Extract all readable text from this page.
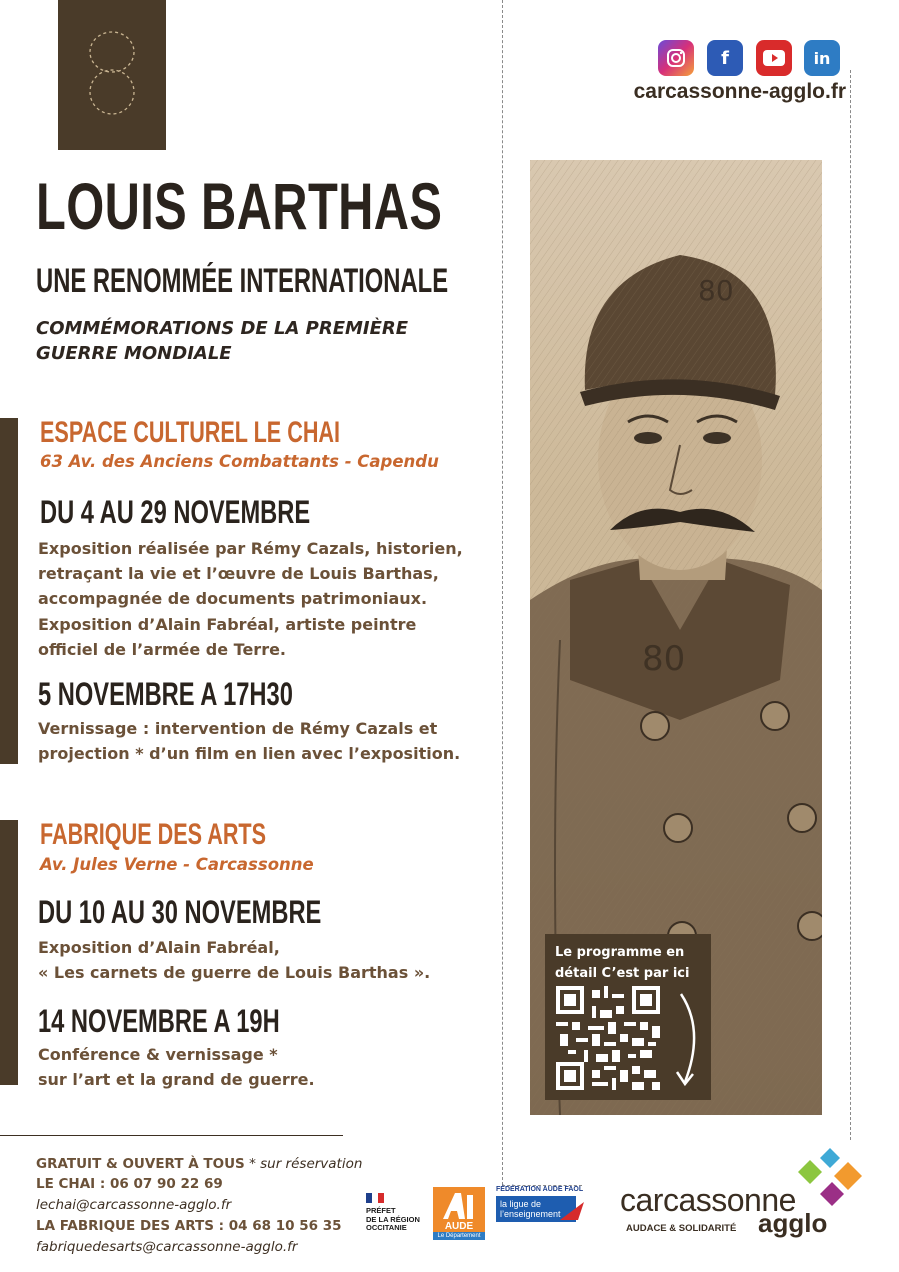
f	in
carcassonne-agglo.fr
LOUIS BARTHAS
UNE RENOMMÉE INTERNATIONALE
COMMÉMORATIONS DE LA PREMIÈRE
GUERRE MONDIALE
ESPACE CULTUREL LE CHAI
63 Av. des Anciens Combattants - Capendu
DU 4 AU 29 NOVEMBRE
Exposition réalisée par Rémy Cazals, historien,
retraçant la vie et l’œuvre de Louis Barthas,
accompagnée de documents patrimoniaux.
Exposition d’Alain Fabréal, artiste peintre
officiel de l’armée de Terre.
5 NOVEMBRE A 17H30
Vernissage : intervention de Rémy Cazals et
projection * d’un film en lien avec l’exposition.
FABRIQUE DES ARTS
Av. Jules Verne - Carcassonne
DU 10 AU 30 NOVEMBRE
Exposition d’Alain Fabréal,
« Les carnets de guerre de Louis Barthas ».
14 NOVEMBRE A 19H
Conférence & vernissage *
sur l’art et la grand de guerre.
80
80
Le programme en
détail C’est par ici
GRATUIT & OUVERT À TOUS * sur réservation
LE CHAI : 06 07 90 22 69
lechai@carcassonne-agglo.fr
LA FABRIQUE DES ARTS : 04 68 10 56 35
fabriquedesarts@carcassonne-agglo.fr
PRÉFET
DE LA RÉGION
OCCITANIE	AUDE
Le Département
FÉDÉRATION AUDE FAOL
la ligue de
l’enseignement	carcassonne
AUDACE & SOLIDARITÉ agglo
